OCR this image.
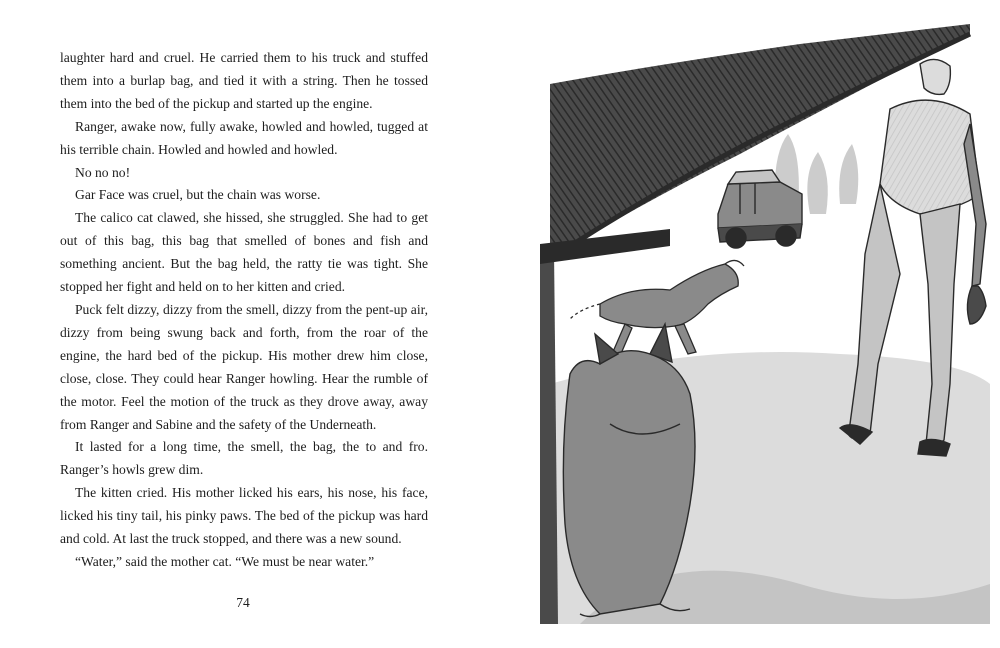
laughter hard and cruel. He carried them to his truck and stuffed them into a burlap bag, and tied it with a string. Then he tossed them into the bed of the pickup and started up the engine.

Ranger, awake now, fully awake, howled and howled, tugged at his terrible chain. Howled and howled and howled.

No no no!

Gar Face was cruel, but the chain was worse.

The calico cat clawed, she hissed, she struggled. She had to get out of this bag, this bag that smelled of bones and fish and something ancient. But the bag held, the ratty tie was tight. She stopped her fight and held on to her kitten and cried.

Puck felt dizzy, dizzy from the smell, dizzy from the pent-up air, dizzy from being swung back and forth, from the roar of the engine, the hard bed of the pickup. His mother drew him close, close, close. They could hear Ranger howling. Hear the rumble of the motor. Feel the motion of the truck as they drove away, away from Ranger and Sabine and the safety of the Underneath.

It lasted for a long time, the smell, the bag, the to and fro. Ranger’s howls grew dim.

The kitten cried. His mother licked his ears, his nose, his face, licked his tiny tail, his pinky paws. The bed of the pickup was hard and cold. At last the truck stopped, and there was a new sound.

“Water,” said the mother cat. “We must be near water.”

74
